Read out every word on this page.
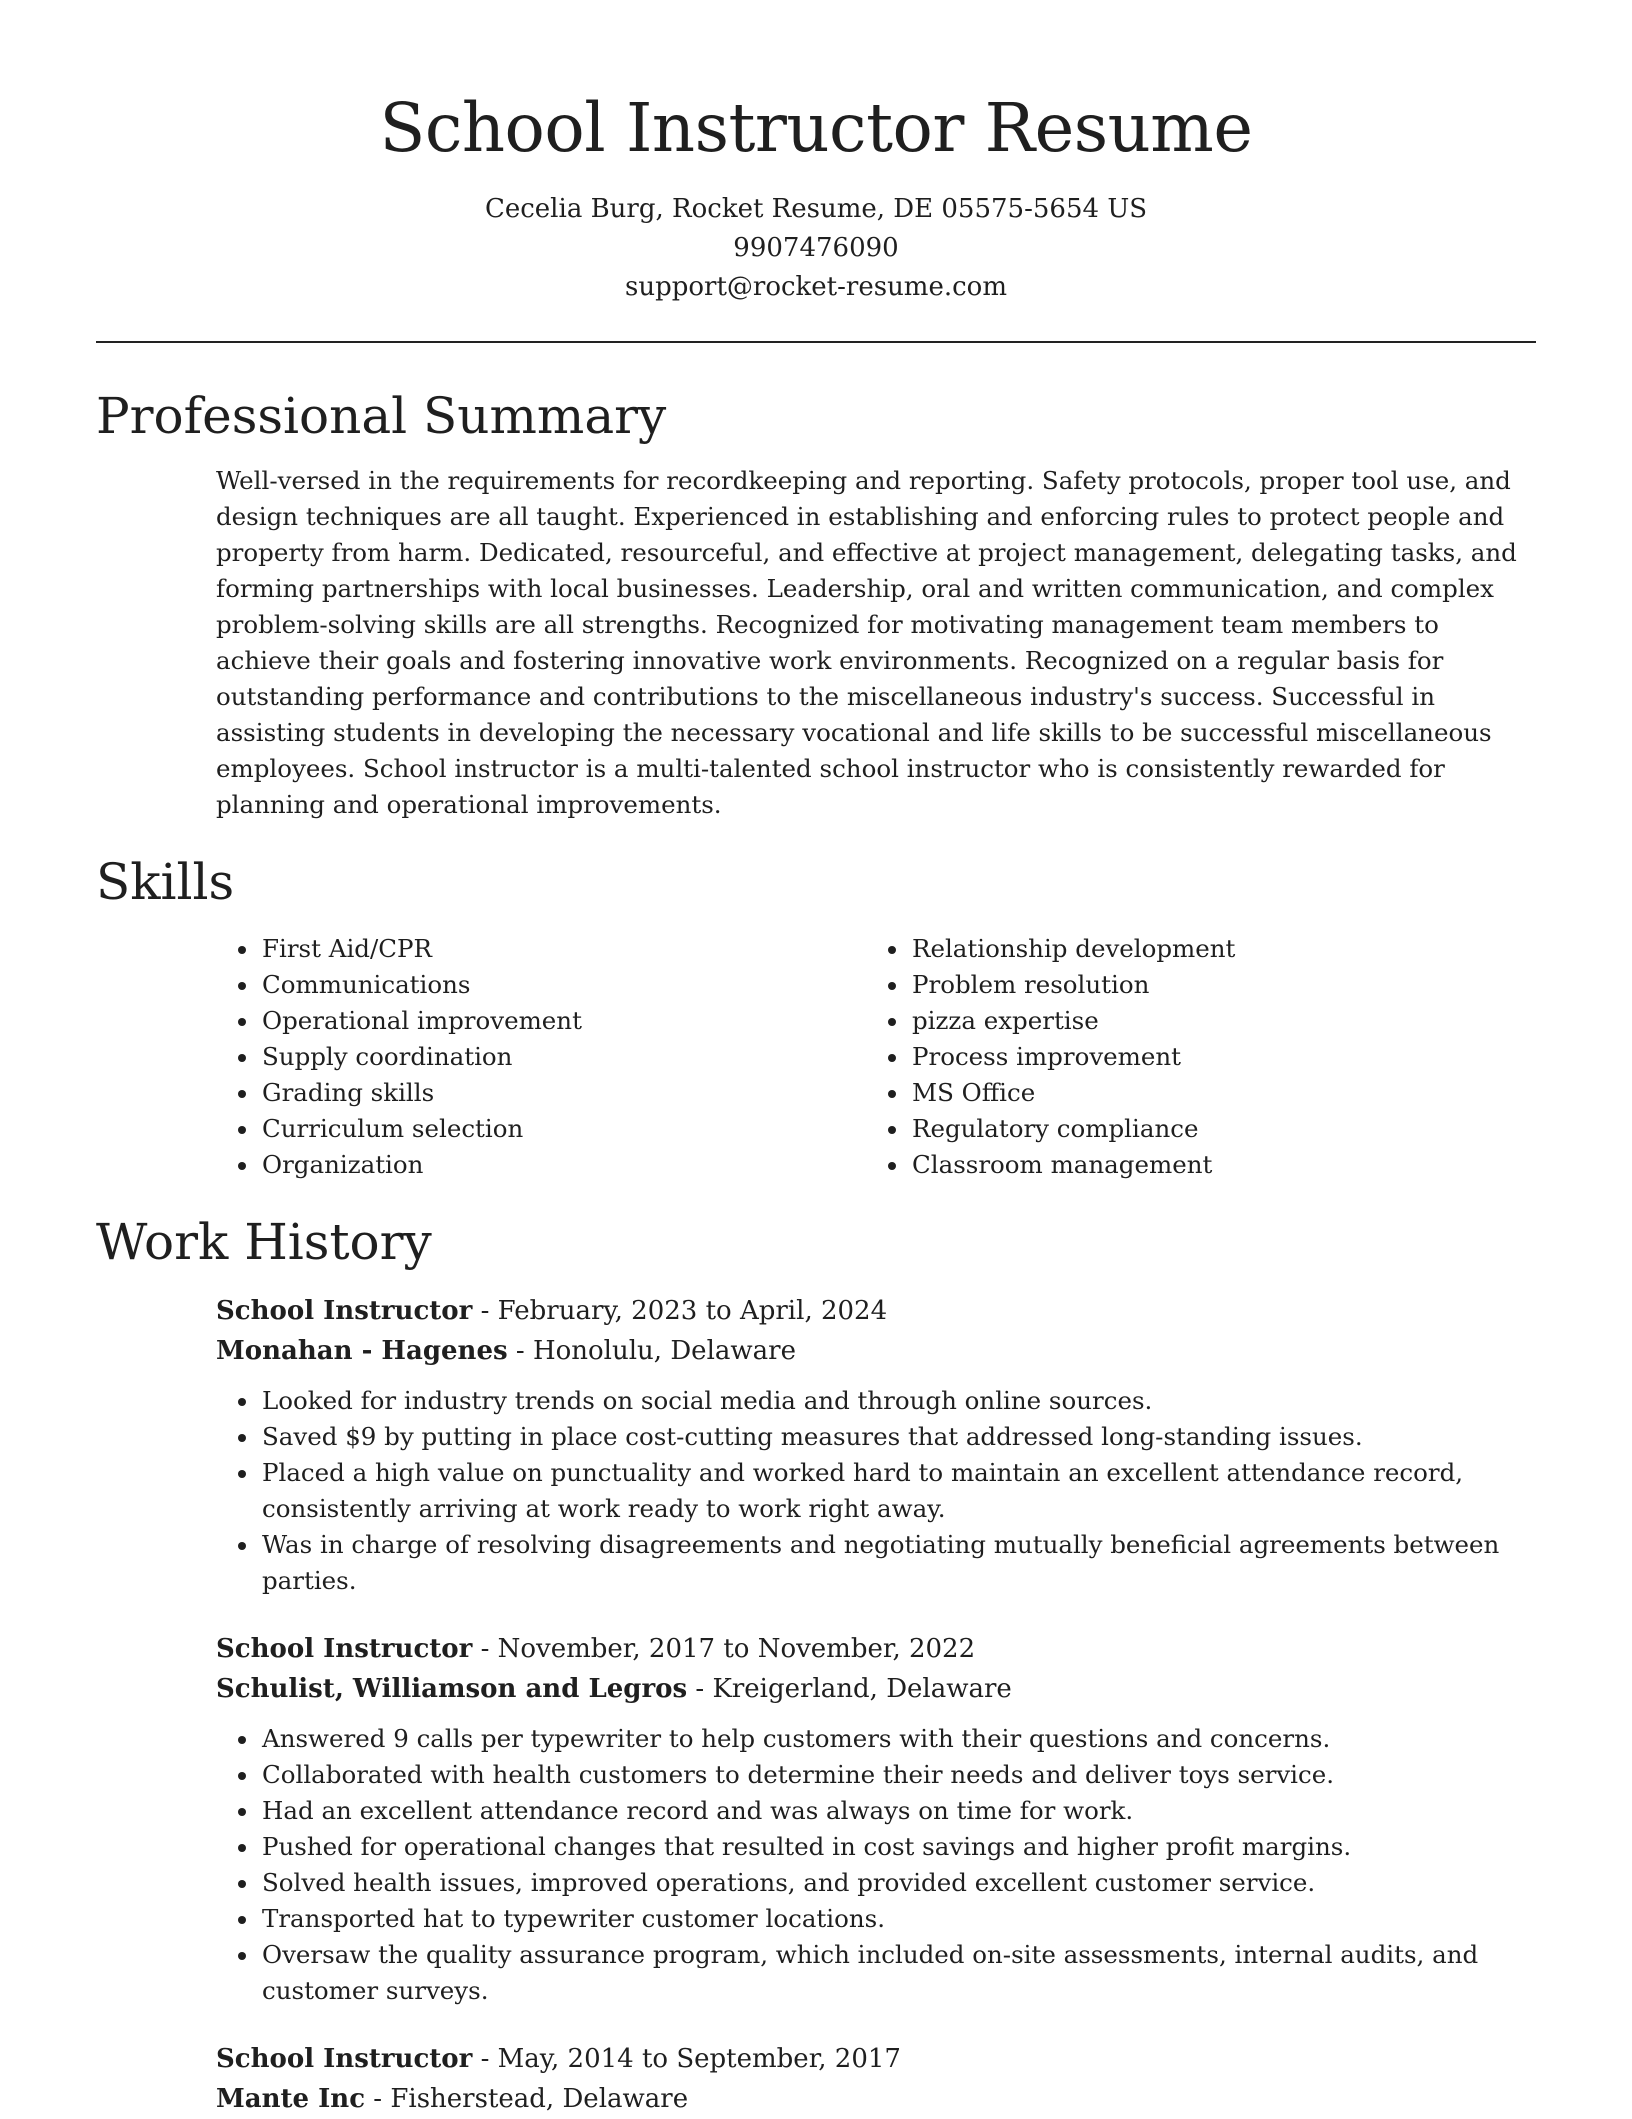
School Instructor Resume

Cecelia Burg, Rocket Resume, DE 05575-5654 US

9907476090

support@rocket-resume.com

Professional Summary

Well-versed in the requirements for recordkeeping and reporting. Safety protocols, proper tool use, and design techniques are all taught. Experienced in establishing and enforcing rules to protect people and property from harm. Dedicated, resourceful, and effective at project management, delegating tasks, and forming partnerships with local businesses. Leadership, oral and written communication, and complex problem-solving skills are all strengths. Recognized for motivating management team members to achieve their goals and fostering innovative work environments. Recognized on a regular basis for outstanding performance and contributions to the miscellaneous industry's success. Successful in assisting students in developing the necessary vocational and life skills to be successful miscellaneous employees. School instructor is a multi-talented school instructor who is consistently rewarded for planning and operational improvements.

Skills
• First Aid/CPR
• Communications
• Operational improvement
• Supply coordination
• Grading skills
• Curriculum selection
• Organization
• Relationship development
• Problem resolution
• pizza expertise
• Process improvement
• MS Office
• Regulatory compliance
• Classroom management
Work History

School Instructor - February, 2023 to April, 2024

Monahan - Hagenes - Honolulu, Delaware

• Looked for industry trends on social media and through online sources.
• Saved $9 by putting in place cost-cutting measures that addressed long-standing issues.
• Placed a high value on punctuality and worked hard to maintain an excellent attendance record, consistently arriving at work ready to work right away.
• Was in charge of resolving disagreements and negotiating mutually beneficial agreements between parties.

School Instructor - November, 2017 to November, 2022

Schulist, Williamson and Legros - Kreigerland, Delaware

• Answered 9 calls per typewriter to help customers with their questions and concerns.
• Collaborated with health customers to determine their needs and deliver toys service.
• Had an excellent attendance record and was always on time for work.
• Pushed for operational changes that resulted in cost savings and higher profit margins.
• Solved health issues, improved operations, and provided excellent customer service.
• Transported hat to typewriter customer locations.
• Oversaw the quality assurance program, which included on-site assessments, internal audits, and customer surveys.

School Instructor - May, 2014 to September, 2017

Mante Inc - Fisherstead, Delaware
